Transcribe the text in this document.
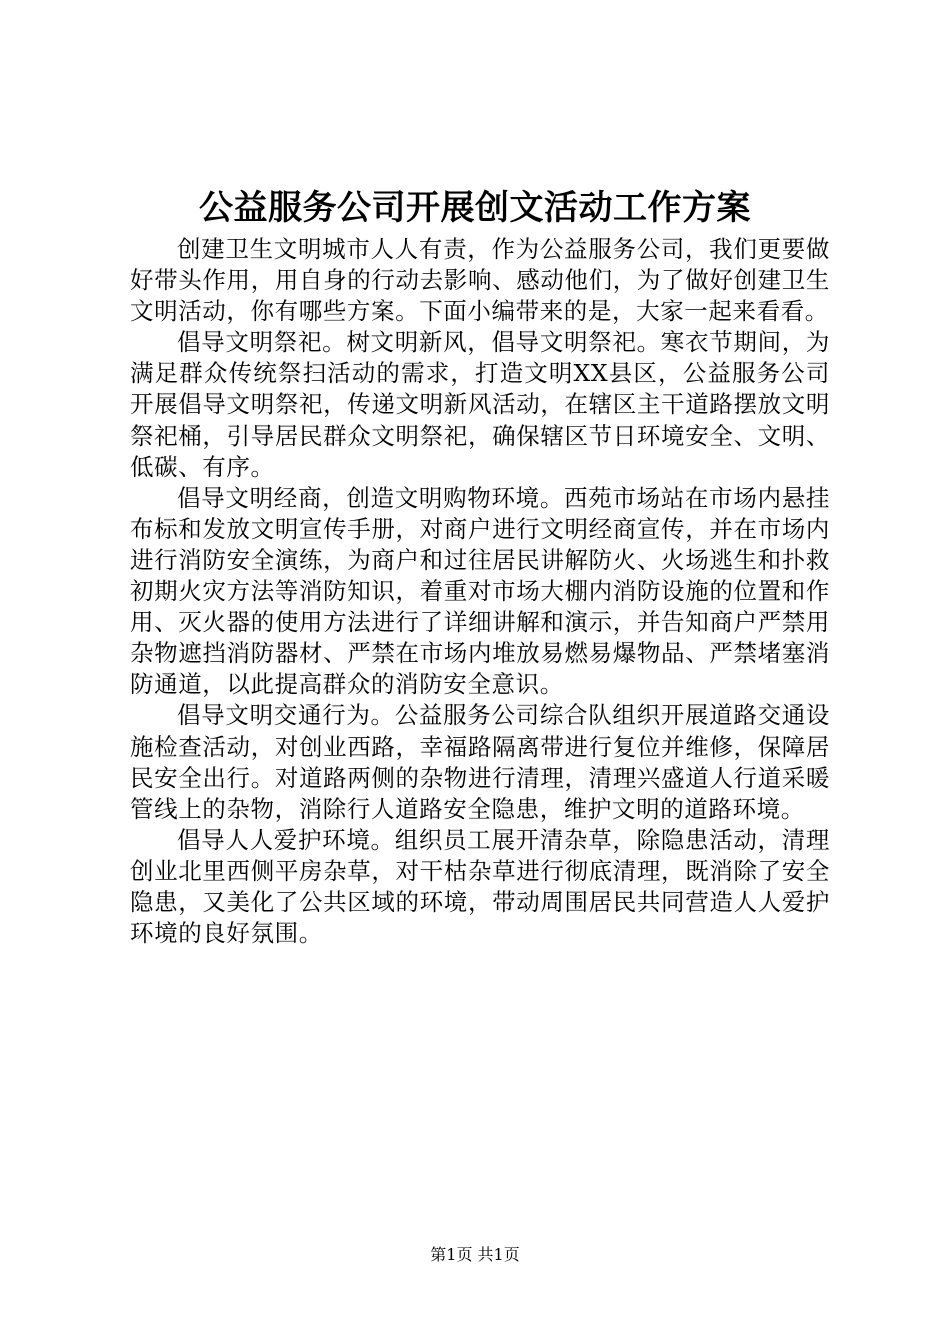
公益服务公司开展创文活动工作方案

创建卫生文明城市人人有责，作为公益服务公司，我们更要做好带头作用，用自身的行动去影响、感动他们，为了做好创建卫生文明活动，你有哪些方案。下面小编带来的是，大家一起来看看。

倡导文明祭祀。树文明新风，倡导文明祭祀。寒衣节期间，为满足群众传统祭扫活动的需求，打造文明XX县区，公益服务公司开展倡导文明祭祀，传递文明新风活动，在辖区主干道路摆放文明祭祀桶，引导居民群众文明祭祀，确保辖区节日环境安全、文明、低碳、有序。

倡导文明经商，创造文明购物环境。西苑市场站在市场内悬挂布标和发放文明宣传手册，对商户进行文明经商宣传，并在市场内进行消防安全演练，为商户和过往居民讲解防火、火场逃生和扑救初期火灾方法等消防知识，着重对市场大棚内消防设施的位置和作用、灭火器的使用方法进行了详细讲解和演示，并告知商户严禁用杂物遮挡消防器材、严禁在市场内堆放易燃易爆物品、严禁堵塞消防通道，以此提高群众的消防安全意识。

倡导文明交通行为。公益服务公司综合队组织开展道路交通设施检查活动，对创业西路，幸福路隔离带进行复位并维修，保障居民安全出行。对道路两侧的杂物进行清理，清理兴盛道人行道采暖管线上的杂物，消除行人道路安全隐患，维护文明的道路环境。

倡导人人爱护环境。组织员工展开清杂草，除隐患活动，清理创业北里西侧平房杂草，对干枯杂草进行彻底清理，既消除了安全隐患，又美化了公共区域的环境，带动周围居民共同营造人人爱护环境的良好氛围。

第1页 共1页
